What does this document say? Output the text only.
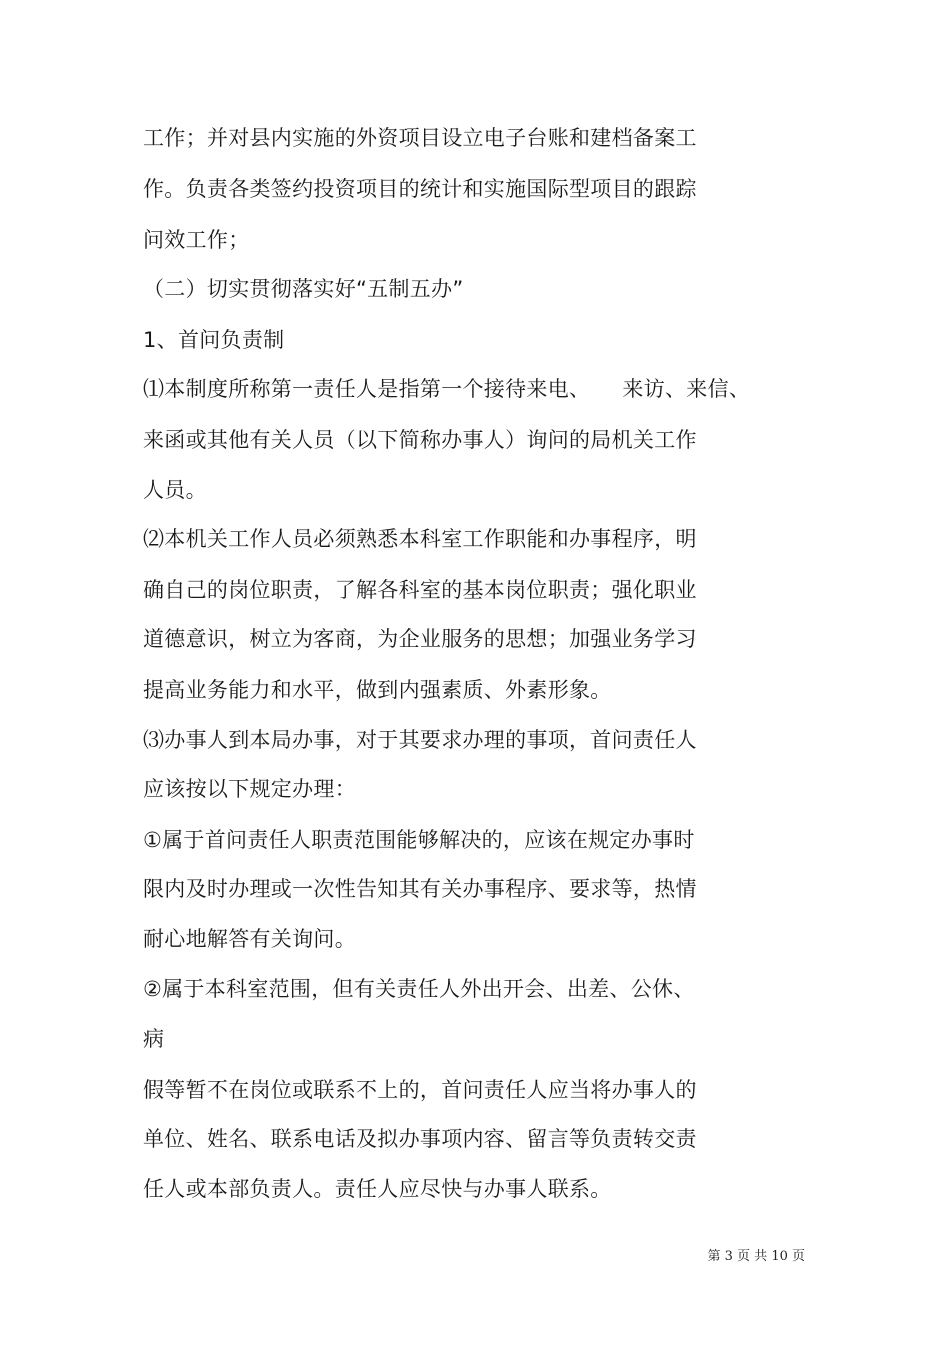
工作；并对县内实施的外资项目设立电子台账和建档备案工
作。负责各类签约投资项目的统计和实施国际型项目的跟踪
问效工作；
（二）切实贯彻落实好“五制五办”
1、首问负责制
⑴本制度所称第一责任人是指第一个接待来电、　　来访、来信、
来函或其他有关人员（以下简称办事人）询问的局机关工作
人员。
⑵本机关工作人员必须熟悉本科室工作职能和办事程序，明
确自己的岗位职责，了解各科室的基本岗位职责；强化职业
道德意识，树立为客商，为企业服务的思想；加强业务学习
提高业务能力和水平，做到内强素质、外素形象。
⑶办事人到本局办事，对于其要求办理的事项，首问责任人
应该按以下规定办理：
①属于首问责任人职责范围能够解决的，应该在规定办事时
限内及时办理或一次性告知其有关办事程序、要求等，热情
耐心地解答有关询问。
②属于本科室范围，但有关责任人外出开会、出差、公休、
病
假等暂不在岗位或联系不上的，首问责任人应当将办事人的
单位、姓名、联系电话及拟办事项内容、留言等负责转交责
任人或本部负责人。责任人应尽快与办事人联系。
第 3 页 共 10 页
